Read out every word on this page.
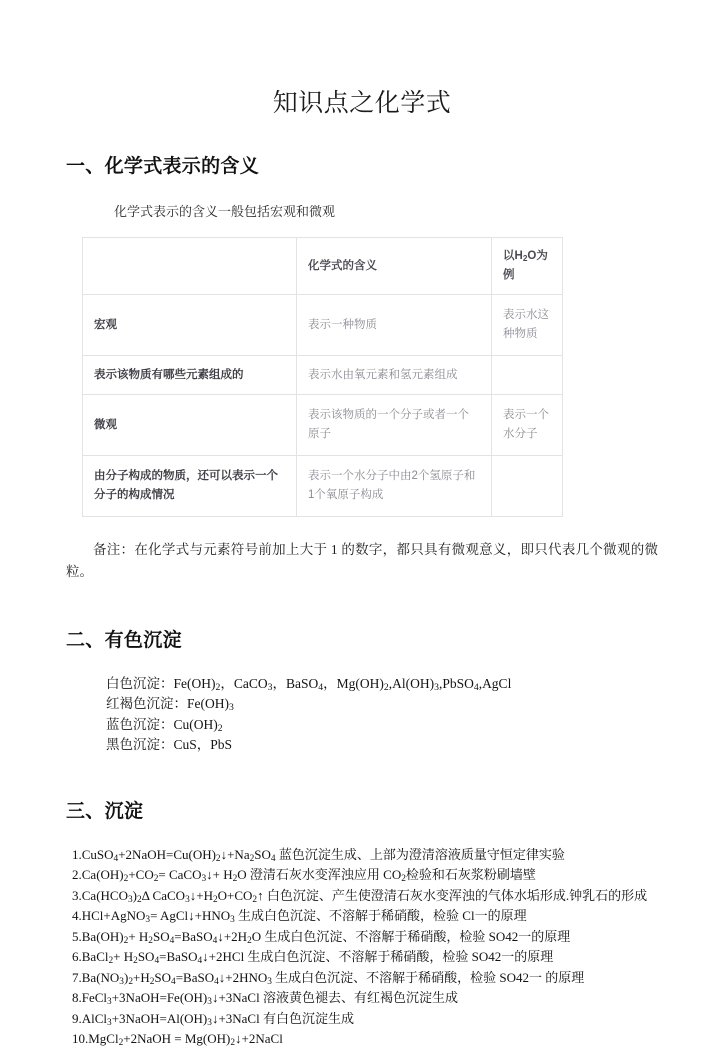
知识点之化学式
一、化学式表示的含义

化学式表示的含义一般包括宏观和微观

	化学式的含义	以$H_2O$为例
宏观	表示一种物质	表示水这种物质
表示该物质有哪些元素组成的	表示水由氧元素和氢元素组成	
微观	表示该物质的一个分子或者一个原子	表示一个水分子
由分子构成的物质，还可以表示一个分子的构成情况	表示一个水分子中由2个氢原子和1个氧原子构成	

备注：在化学式与元素符号前加上大于 1 的数字，都只具有微观意义，即只代表几个微观的微粒。

二、有色沉淀
白色沉淀：$Fe(OH)_2$，CaCO$_3$，BaSO$_4$，$Mg(OH)_2,Al(OH)_3,PbSO_4,AgCl$
红褐色沉淀：$Fe(OH)_3$
蓝色沉淀：$Cu(OH)_2$
黑色沉淀：CuS，PbS
三、沉淀

$1.CuSO_4+2NaOH=Cu(OH)_2↓+Na_2SO_4$ 蓝色沉淀生成、上部为澄清溶液质量守恒定律实验

$2.Ca(OH)_2+CO_2=$ CaCO$_3$↓+ $H_2O$ 澄清石灰水变浑浊应用 $CO_2$检验和石灰浆粉刷墙壁

$3.Ca(HCO_3)_2\Delta$ $CaCO_3↓+H_2O+CO_2↑$ 白色沉淀、产生使澄清石灰水变浑浊的气体水垢形成.钟乳石的形成

4.HCl+AgNO$_3$= $AgCl↓+HNO_3$ 生成白色沉淀、不溶解于稀硝酸，检验 Cl一的原理

$5.Ba(OH)_2+$ $H_2SO_4=BaSO_4↓+2H_2O$ 生成白色沉淀、不溶解于稀硝酸，检验 SO42一的原理

6.BaCl$_2$+ $H_2SO_4=BaSO_4↓+2HCl$ 生成白色沉淀、不溶解于稀硝酸，检验 SO42一的原理

$7.Ba(NO_3)_2+H_2SO_4=BaSO_4↓+2HNO_3$ 生成白色沉淀、不溶解于稀硝酸，检验 SO42一 的原理

$8.FeCl_3+3NaOH=Fe(OH)_3↓+3NaCl$ 溶液黄色褪去、有红褐色沉淀生成

$9.AlCl_3+3NaOH=Al(OH)_3↓+3NaCl$ 有白色沉淀生成

10.MgCl$_2$+2NaOH = $Mg(OH)_2↓+2NaCl$
